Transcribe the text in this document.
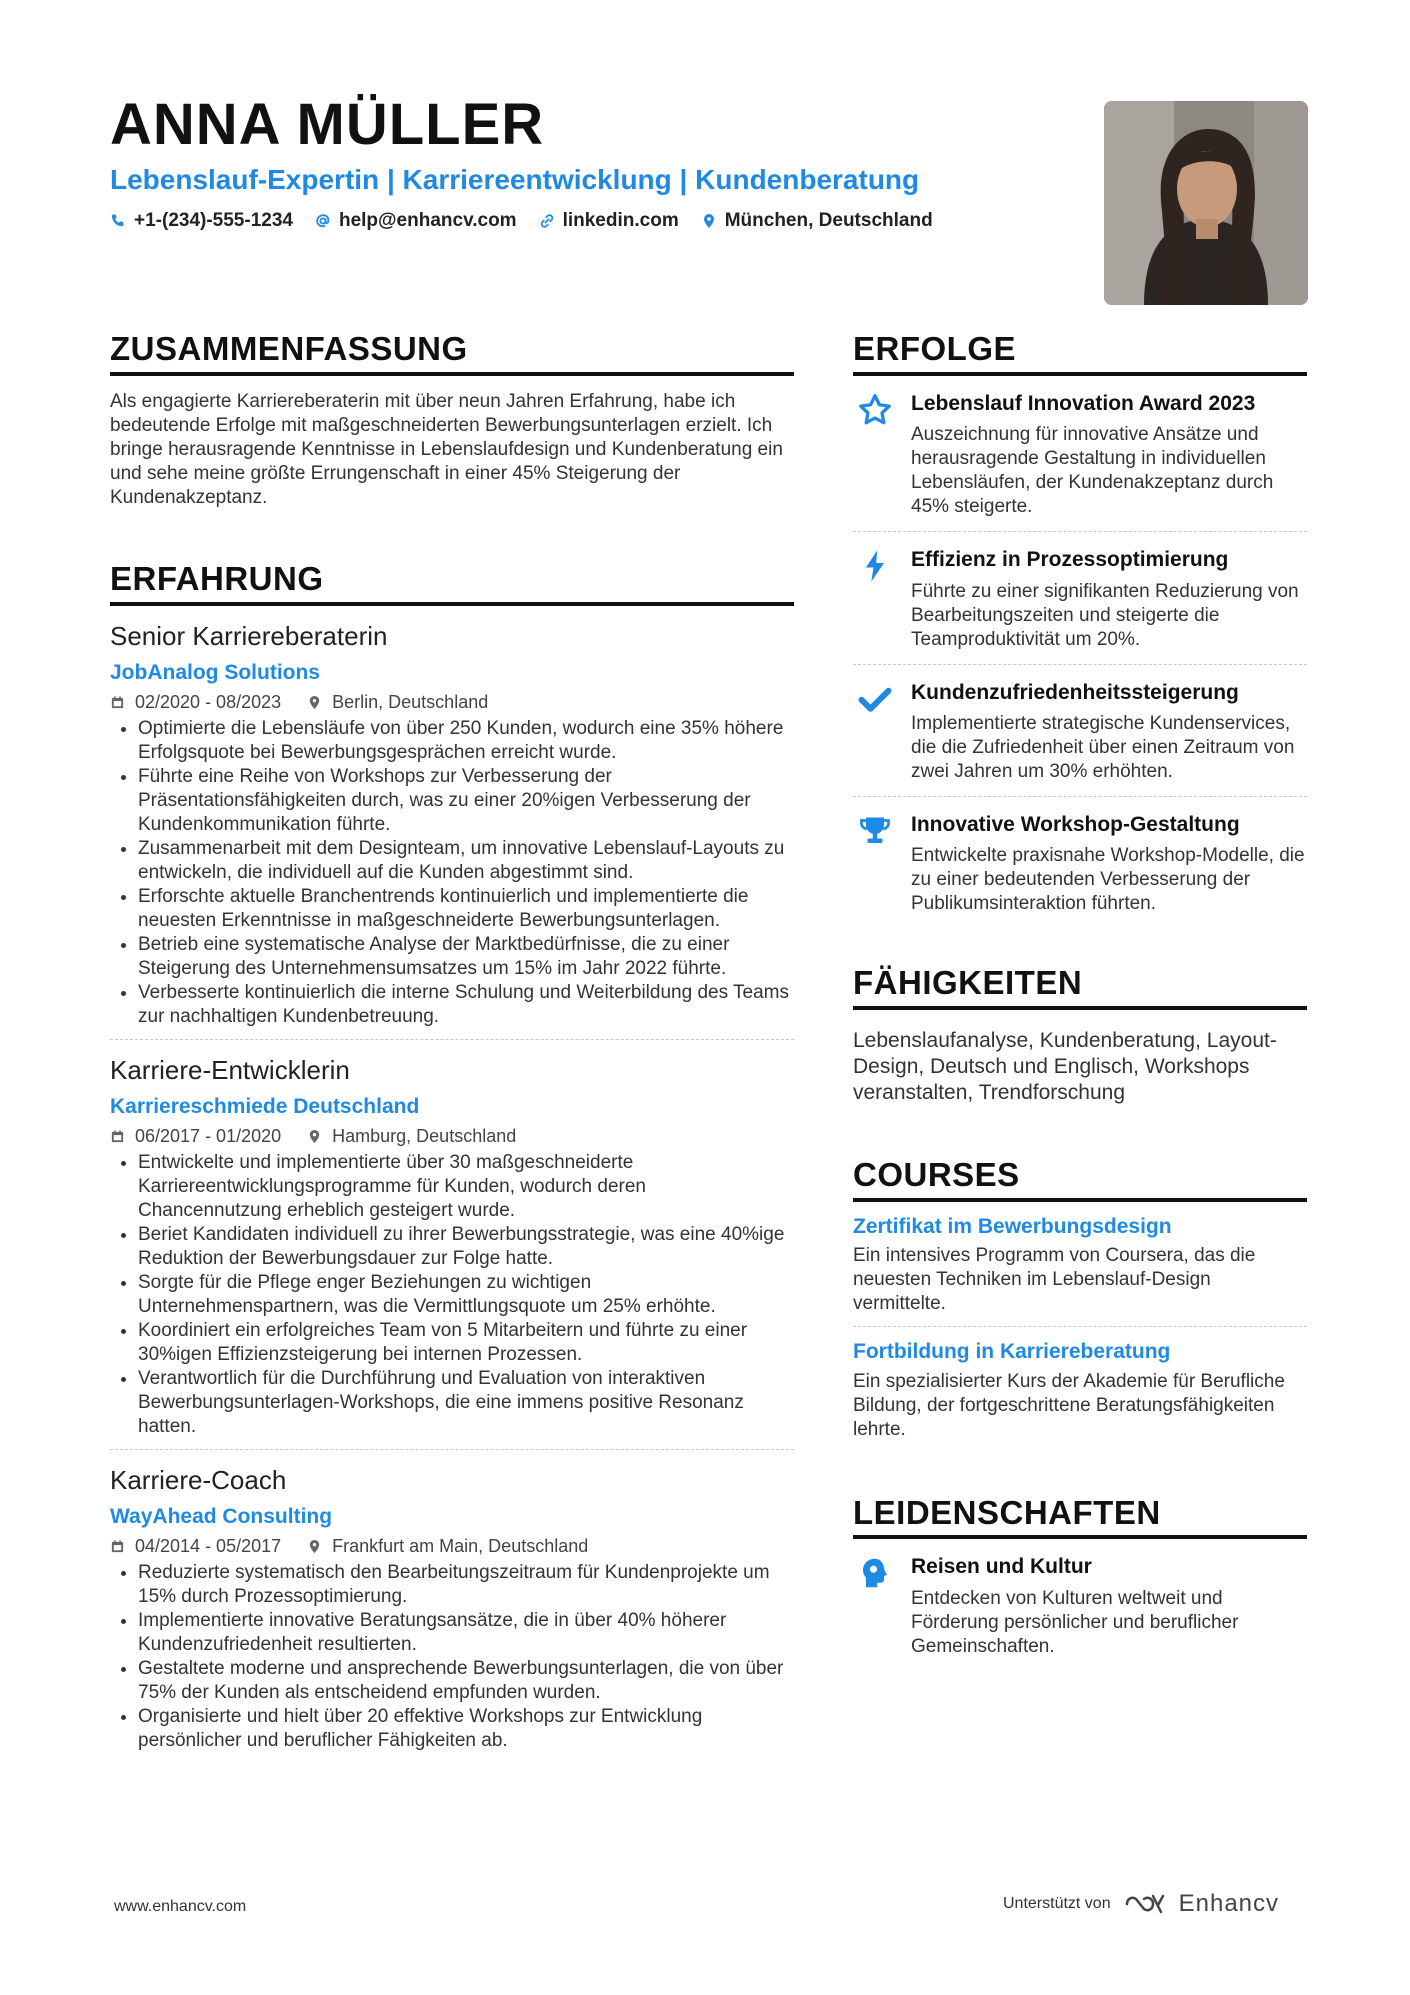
ANNA MÜLLER
Lebenslauf-Expertin | Karriereentwicklung | Kundenberatung
+1-(234)-555-1234 help@enhancv.com linkedin.com München, Deutschland
ZUSAMMENFASSUNG

Als engagierte Karriereberaterin mit über neun Jahren Erfahrung, habe ich bedeutende Erfolge mit maßgeschneiderten Bewerbungsunterlagen erzielt. Ich bringe herausragende Kenntnisse in Lebenslaufdesign und Kundenberatung ein und sehe meine größte Errungenschaft in einer 45% Steigerung der Kundenakzeptanz.

ERFAHRUNG
Senior Karriereberaterin
JobAnalog Solutions
02/2020 - 08/2023	Berlin, Deutschland
• Optimierte die Lebensläufe von über 250 Kunden, wodurch eine 35% höhere Erfolgsquote bei Bewerbungsgesprächen erreicht wurde.
• Führte eine Reihe von Workshops zur Verbesserung der Präsentationsfähigkeiten durch, was zu einer 20%igen Verbesserung der Kundenkommunikation führte.
• Zusammenarbeit mit dem Designteam, um innovative Lebenslauf-Layouts zu entwickeln, die individuell auf die Kunden abgestimmt sind.
• Erforschte aktuelle Branchentrends kontinuierlich und implementierte die neuesten Erkenntnisse in maßgeschneiderte Bewerbungsunterlagen.
• Betrieb eine systematische Analyse der Marktbedürfnisse, die zu einer Steigerung des Unternehmensumsatzes um 15% im Jahr 2022 führte.
• Verbesserte kontinuierlich die interne Schulung und Weiterbildung des Teams zur nachhaltigen Kundenbetreuung.
Karriere-Entwicklerin
Karriereschmiede Deutschland
06/2017 - 01/2020	Hamburg, Deutschland
• Entwickelte und implementierte über 30 maßgeschneiderte Karriereentwicklungsprogramme für Kunden, wodurch deren Chancennutzung erheblich gesteigert wurde.
• Beriet Kandidaten individuell zu ihrer Bewerbungsstrategie, was eine 40%ige Reduktion der Bewerbungsdauer zur Folge hatte.
• Sorgte für die Pflege enger Beziehungen zu wichtigen Unternehmenspartnern, was die Vermittlungsquote um 25% erhöhte.
• Koordiniert ein erfolgreiches Team von 5 Mitarbeitern und führte zu einer 30%igen Effizienzsteigerung bei internen Prozessen.
• Verantwortlich für die Durchführung und Evaluation von interaktiven Bewerbungsunterlagen-Workshops, die eine immens positive Resonanz hatten.
Karriere-Coach
WayAhead Consulting
04/2014 - 05/2017	Frankfurt am Main, Deutschland
• Reduzierte systematisch den Bearbeitungszeitraum für Kundenprojekte um 15% durch Prozessoptimierung.
• Implementierte innovative Beratungsansätze, die in über 40% höherer Kundenzufriedenheit resultierten.
• Gestaltete moderne und ansprechende Bewerbungsunterlagen, die von über 75% der Kunden als entscheidend empfunden wurden.
• Organisierte und hielt über 20 effektive Workshops zur Entwicklung persönlicher und beruflicher Fähigkeiten ab.
ERFOLGE
Lebenslauf Innovation Award 2023
Auszeichnung für innovative Ansätze und herausragende Gestaltung in individuellen Lebensläufen, der Kundenakzeptanz durch 45% steigerte.
Effizienz in Prozessoptimierung
Führte zu einer signifikanten Reduzierung von Bearbeitungszeiten und steigerte die Teamproduktivität um 20%.
Kundenzufriedenheitssteigerung
Implementierte strategische Kundenservices, die die Zufriedenheit über einen Zeitraum von zwei Jahren um 30% erhöhten.
Innovative Workshop-Gestaltung
Entwickelte praxisnahe Workshop-Modelle, die zu einer bedeutenden Verbesserung der Publikumsinteraktion führten.
FÄHIGKEITEN
Lebenslaufanalyse, Kundenberatung, Layout-Design, Deutsch und Englisch, Workshops veranstalten, Trendforschung
COURSES
Zertifikat im Bewerbungsdesign
Ein intensives Programm von Coursera, das die neuesten Techniken im Lebenslauf-Design vermittelte.
Fortbildung in Karriereberatung
Ein spezialisierter Kurs der Akademie für Berufliche Bildung, der fortgeschrittene Beratungsfähigkeiten lehrte.
LEIDENSCHAFTEN
Reisen und Kultur
Entdecken von Kulturen weltweit und Förderung persönlicher und beruflicher Gemeinschaften.
www.enhancv.com	Unterstützt von	Enhancv
